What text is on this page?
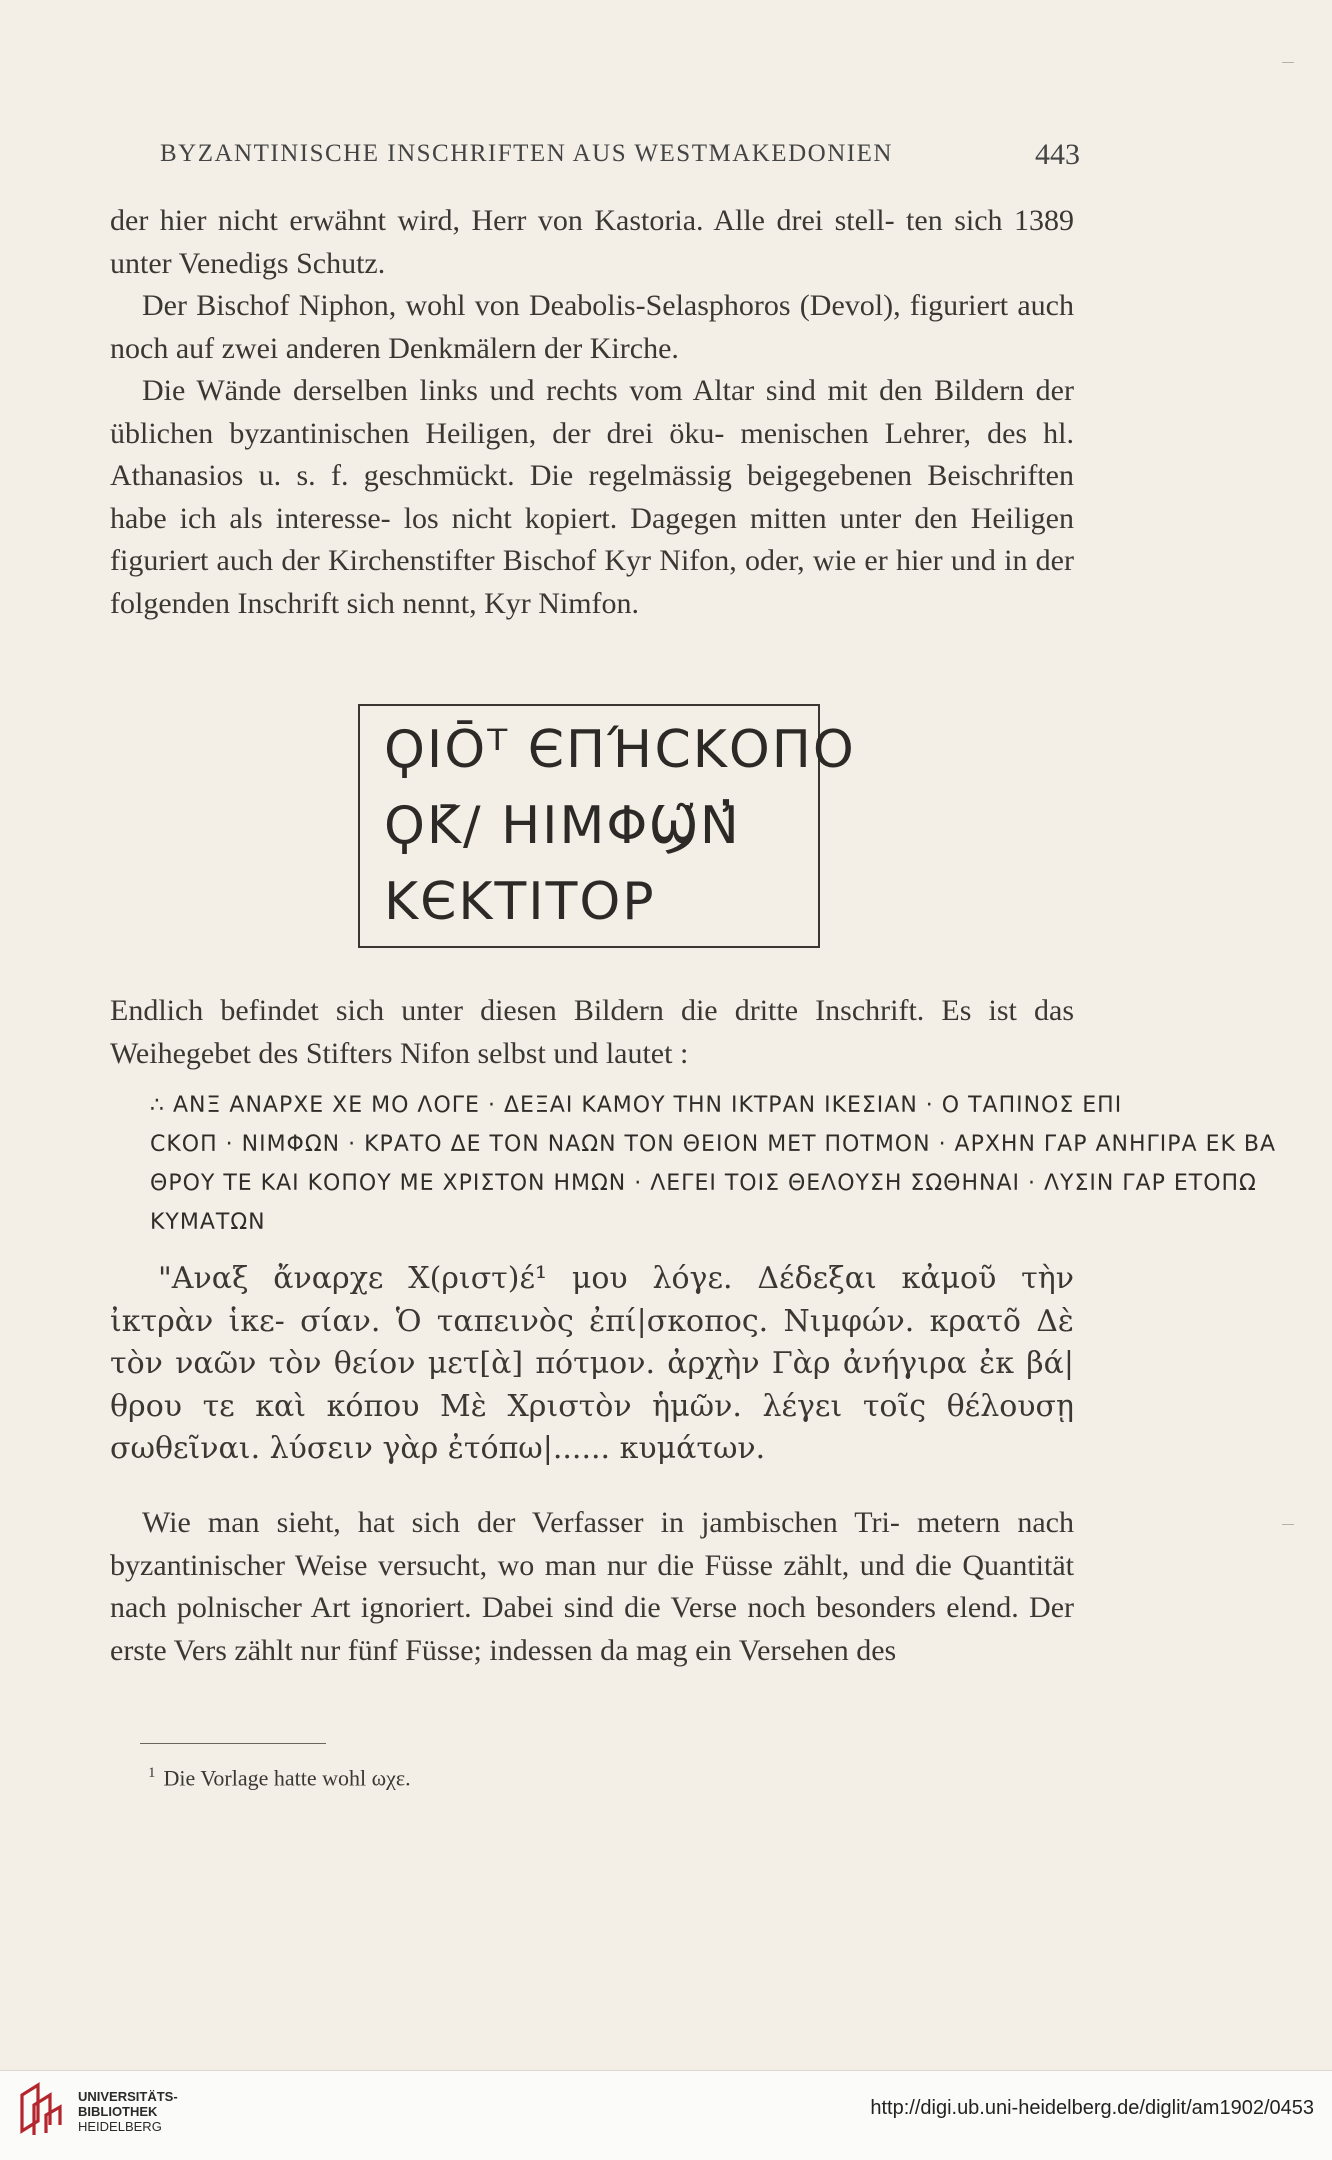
BYZANTINISCHE INSCHRIFTEN AUS WESTMAKEDONIEN	443

der hier nicht erwähnt wird, Herr von Kastoria. Alle drei stell- ten sich 1389 unter Venedigs Schutz.

Der Bischof Niphon, wohl von Deabolis-Selasphoros (Devol), figuriert auch noch auf zwei anderen Denkmälern der Kirche.

Die Wände derselben links und rechts vom Altar sind mit den Bildern der üblichen byzantinischen Heiligen, der drei öku- menischen Lehrer, des hl. Athanasios u. s. f. geschmückt. Die regelmässig beigegebenen Beischriften habe ich als interesse- los nicht kopiert. Dagegen mitten unter den Heiligen figuriert auch der Kirchenstifter Bischof Kyr Nifon, oder, wie er hier und in der folgenden Inschrift sich nennt, Kyr Nimfon.

ϘΙŌᵀ ЄΠΉCΚΟΠΟ
ϘΚ̄/ ΗΙΜΦϢ̃Ν̓
ΚЄΚΤΙΤΟΡ

Endlich befindet sich unter diesen Bildern die dritte Inschrift. Es ist das Weihegebet des Stifters Nifon selbst und lautet :

∴ ΑΝΞ ΑΝΑΡΧΕ ΧΕ ΜΟ ΛΟΓΕ · ΔΕΞΑΙ ΚΑΜΟΥ ΤΗΝ ΙΚΤΡΑΝ ΙΚΕΣΙΑΝ · Ο ΤΑΠΙΝΟΣ ΕΠΙ
CΚΟΠ · ΝΙΜΦΩΝ · ΚΡΑΤΟ ΔΕ ΤΟΝ ΝΑΩΝ ΤΟΝ ΘΕΙΟΝ ΜΕΤ ΠΟΤΜΟΝ · ΑΡΧΗΝ ΓΑΡ ΑΝΗΓΙΡΑ ΕΚ ΒΑ
ΘΡΟΥ ΤΕ ΚΑΙ ΚΟΠΟΥ ΜΕ ΧΡΙΣΤΟΝ ΗΜΩΝ · ΛΕΓΕΙ ΤΟΙΣ ΘΕΛΟΥΣΗ ΣΩΘΗΝΑΙ · ΛΥΣΙΝ ΓΑΡ ΕΤΟΠΩ
ΚΥΜΑΤΩΝ

"Αναξ ἄναρχε Χ(ριστ)έ¹ μου λόγε. Δέδεξαι κἀμοῦ τὴν ἰκτρὰν ἱκε- σίαν. Ὁ ταπεινὸς ἐπί|σκοπος. Νιμφών. κρατõ Δὲ τὸν ναῶν τὸν θείον μετ[ὰ] πότμον. ἀρχὴν Γὰρ ἀνήγιρα ἐκ βά|θρου τε καὶ κόπου Μὲ Χριστὸν ἡμῶν. λέγει τοῖς θέλουσῃ σωθεῖναι. λύσειν γὰρ ἐτόπω|...... κυμάτων.

Wie man sieht, hat sich der Verfasser in jambischen Tri- metern nach byzantinischer Weise versucht, wo man nur die Füsse zählt, und die Quantität nach polnischer Art ignoriert. Dabei sind die Verse noch besonders elend. Der erste Vers zählt nur fünf Füsse; indessen da mag ein Versehen des

$^1$ Die Vorlage hatte wohl ωχε.
UNIVERSITÄTS-
BIBLIOTHEK
HEIDELBERG
http://digi.ub.uni-heidelberg.de/diglit/am1902/0453
